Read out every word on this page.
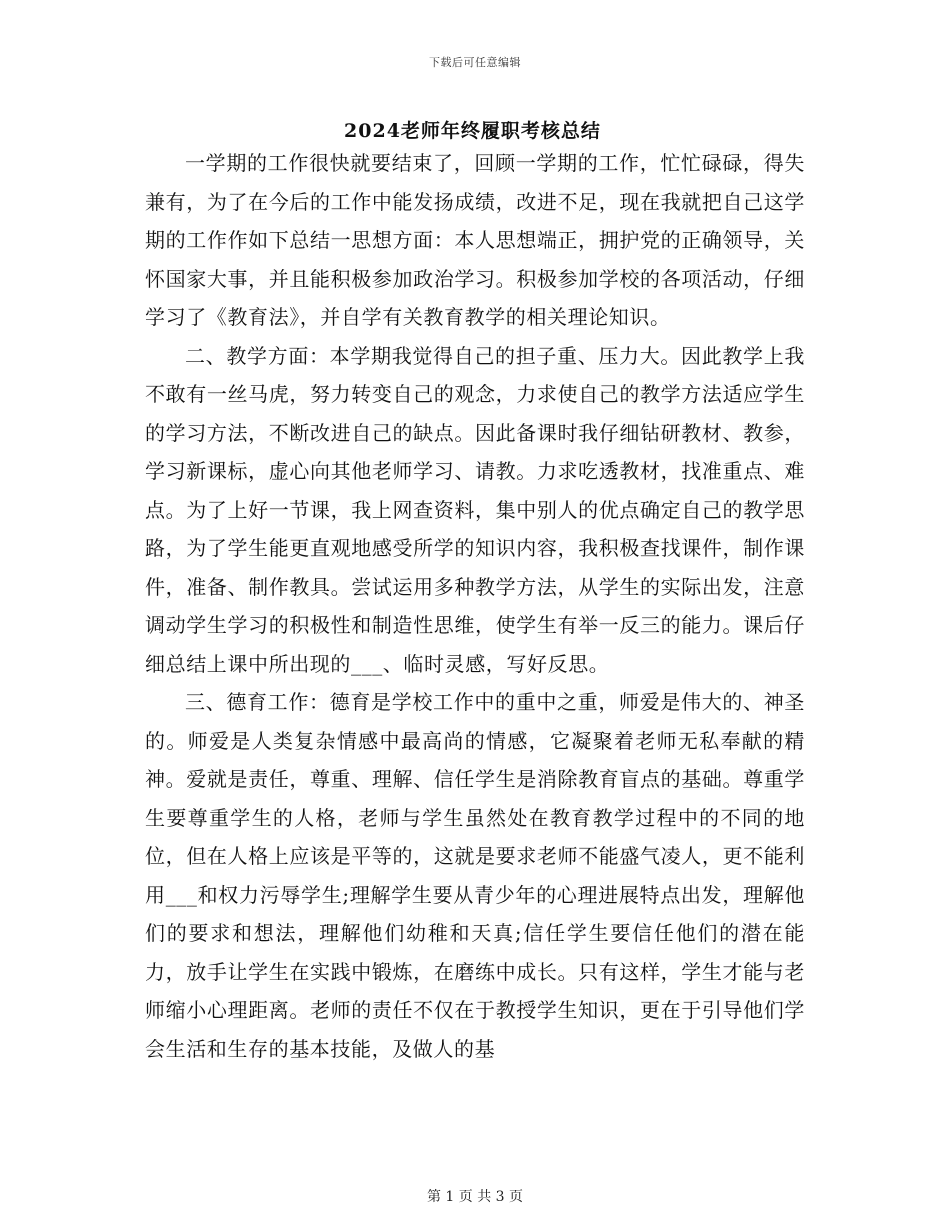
下载后可任意编辑
2024老师年终履职考核总结

一学期的工作很快就要结束了，回顾一学期的工作，忙忙碌碌，得失兼有，为了在今后的工作中能发扬成绩，改进不足，现在我就把自己这学期的工作作如下总结一思想方面：本人思想端正，拥护党的正确领导，关怀国家大事，并且能积极参加政治学习。积极参加学校的各项活动，仔细学习了《教育法》，并自学有关教育教学的相关理论知识。

二、教学方面：本学期我觉得自己的担子重、压力大。因此教学上我不敢有一丝马虎，努力转变自己的观念，力求使自己的教学方法适应学生的学习方法，不断改进自己的缺点。因此备课时我仔细钻研教材、教参，学习新课标，虚心向其他老师学习、请教。力求吃透教材，找准重点、难点。为了上好一节课，我上网查资料，集中别人的优点确定自己的教学思路，为了学生能更直观地感受所学的知识内容，我积极查找课件，制作课件，准备、制作教具。尝试运用多种教学方法，从学生的实际出发，注意调动学生学习的积极性和制造性思维，使学生有举一反三的能力。课后仔细总结上课中所出现的___、临时灵感，写好反思。

三、德育工作：德育是学校工作中的重中之重，师爱是伟大的、神圣的。师爱是人类复杂情感中最高尚的情感，它凝聚着老师无私奉献的精神。爱就是责任，尊重、理解、信任学生是消除教育盲点的基础。尊重学生要尊重学生的人格，老师与学生虽然处在教育教学过程中的不同的地位，但在人格上应该是平等的，这就是要求老师不能盛气凌人，更不能利用___和权力污辱学生;理解学生要从青少年的心理进展特点出发，理解他们的要求和想法，理解他们幼稚和天真;信任学生要信任他们的潜在能力，放手让学生在实践中锻炼，在磨练中成长。只有这样，学生才能与老师缩小心理距离。老师的责任不仅在于教授学生知识，更在于引导他们学会生活和生存的基本技能，及做人的基

第 1 页 共 3 页
